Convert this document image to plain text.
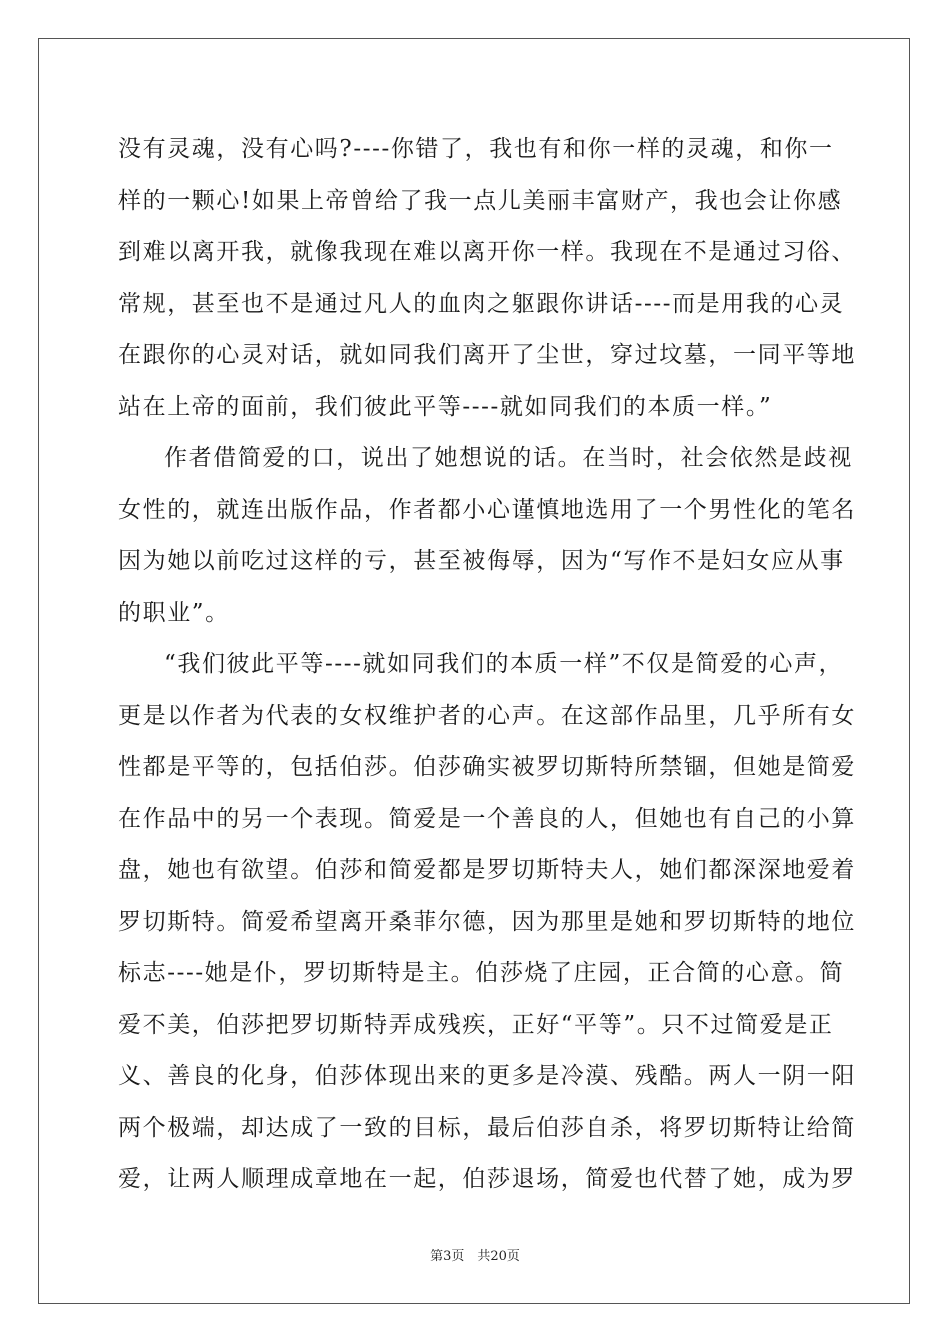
没有灵魂，没有心吗?----你错了，我也有和你一样的灵魂，和你一
样的一颗心!如果上帝曾给了我一点儿美丽丰富财产，我也会让你感
到难以离开我，就像我现在难以离开你一样。我现在不是通过习俗、
常规，甚至也不是通过凡人的血肉之躯跟你讲话----而是用我的心灵
在跟你的心灵对话，就如同我们离开了尘世，穿过坟墓，一同平等地
站在上帝的面前，我们彼此平等----就如同我们的本质一样。”
作者借简爱的口，说出了她想说的话。在当时，社会依然是歧视
女性的，就连出版作品，作者都小心谨慎地选用了一个男性化的笔名
因为她以前吃过这样的亏，甚至被侮辱，因为“写作不是妇女应从事
的职业”。
“我们彼此平等----就如同我们的本质一样”不仅是简爱的心声，
更是以作者为代表的女权维护者的心声。在这部作品里，几乎所有女
性都是平等的，包括伯莎。伯莎确实被罗切斯特所禁锢，但她是简爱
在作品中的另一个表现。简爱是一个善良的人，但她也有自己的小算
盘，她也有欲望。伯莎和简爱都是罗切斯特夫人，她们都深深地爱着
罗切斯特。简爱希望离开桑菲尔德，因为那里是她和罗切斯特的地位
标志----她是仆，罗切斯特是主。伯莎烧了庄园，正合简的心意。简
爱不美，伯莎把罗切斯特弄成残疾，正好“平等”。只不过简爱是正
义、善良的化身，伯莎体现出来的更多是冷漠、残酷。两人一阴一阳
两个极端，却达成了一致的目标，最后伯莎自杀，将罗切斯特让给简
爱，让两人顺理成章地在一起，伯莎退场，简爱也代替了她，成为罗
第3页　共20页
